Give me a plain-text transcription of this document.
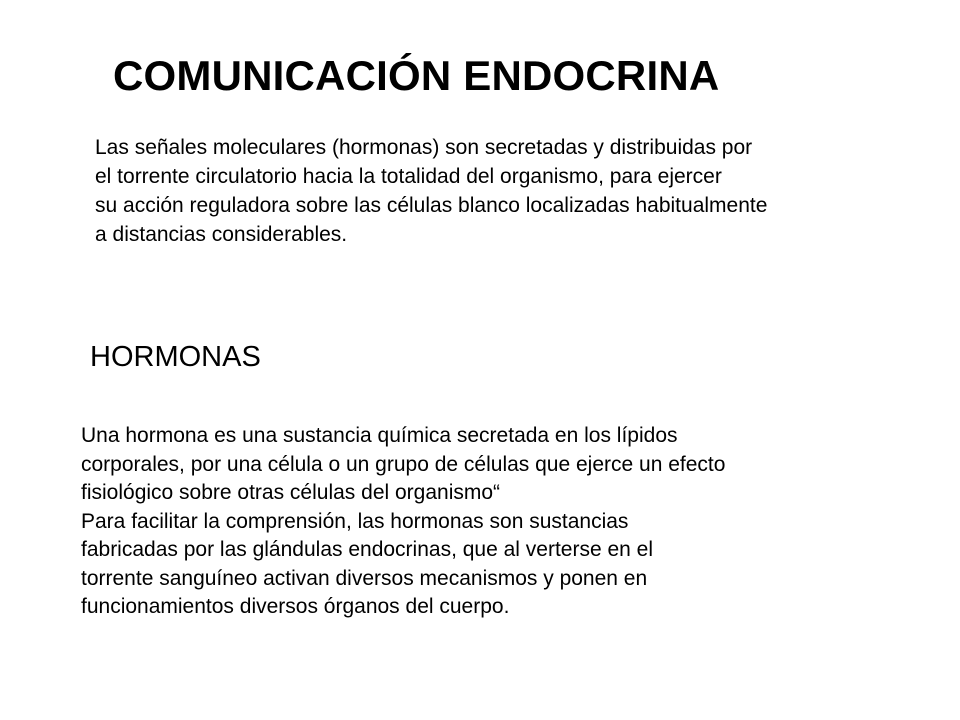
COMUNICACIÓN ENDOCRINA

Las señales moleculares (hormonas) son secretadas y distribuidas por
el torrente circulatorio hacia la totalidad del organismo, para ejercer
su acción reguladora sobre las células blanco localizadas habitualmente
a distancias considerables.

HORMONAS

Una hormona es una sustancia química secretada en los lípidos
corporales, por una célula o un grupo de células que ejerce un efecto
fisiológico sobre otras células del organismo“
Para facilitar la comprensión, las hormonas son sustancias
fabricadas por las glándulas endocrinas, que al verterse en el
torrente sanguíneo activan diversos mecanismos y ponen en
funcionamientos diversos órganos del cuerpo.
